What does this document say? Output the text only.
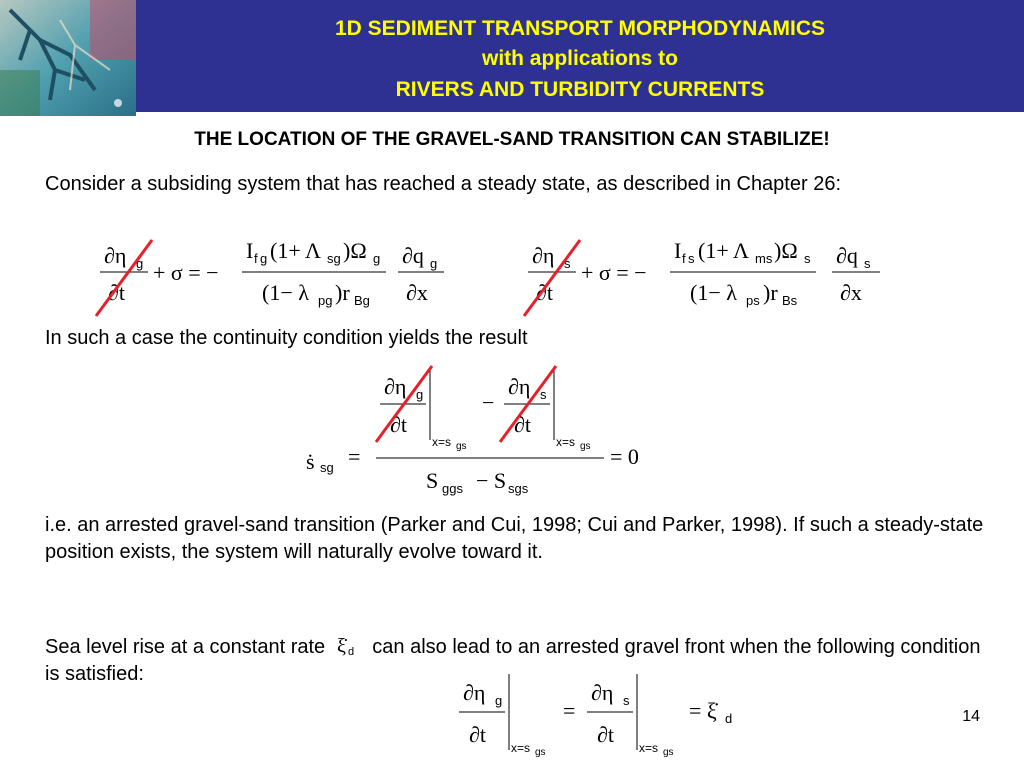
1D SEDIMENT TRANSPORT MORPHODYNAMICS
with applications to
RIVERS AND TURBIDITY CURRENTS
THE LOCATION OF THE GRAVEL-SAND TRANSITION CAN STABILIZE!
Consider a subsiding system that has reached a steady state, as described in Chapter 26:
∂η g
∂t
+ σ = −
I f g (1+ Λ sg )Ω g
(1− λ pg )r Bg
∂q g
∂x
∂η s
∂t
+ σ = −
I f s (1+ Λ ms )Ω s
(1− λ ps )r Bs
∂q s
∂x
In such a case the continuity condition yields the result
∂η g
∂t
x=s gs
−
∂η s
∂t
x=s gs
ṡ sg =
S ggs − S sgs
= 0
i.e. an arrested gravel-sand transition (Parker and Cui, 1998; Cui and Parker, 1998). If such a steady-state position exists, the system will naturally evolve toward it.
Sea level rise at a constant rate ξ̇ d can also lead to an arrested gravel front when the following condition is satisfied:
∂η g
∂t
x=s gs
=
∂η s
∂t
x=s gs
= ξ̇ d	14
